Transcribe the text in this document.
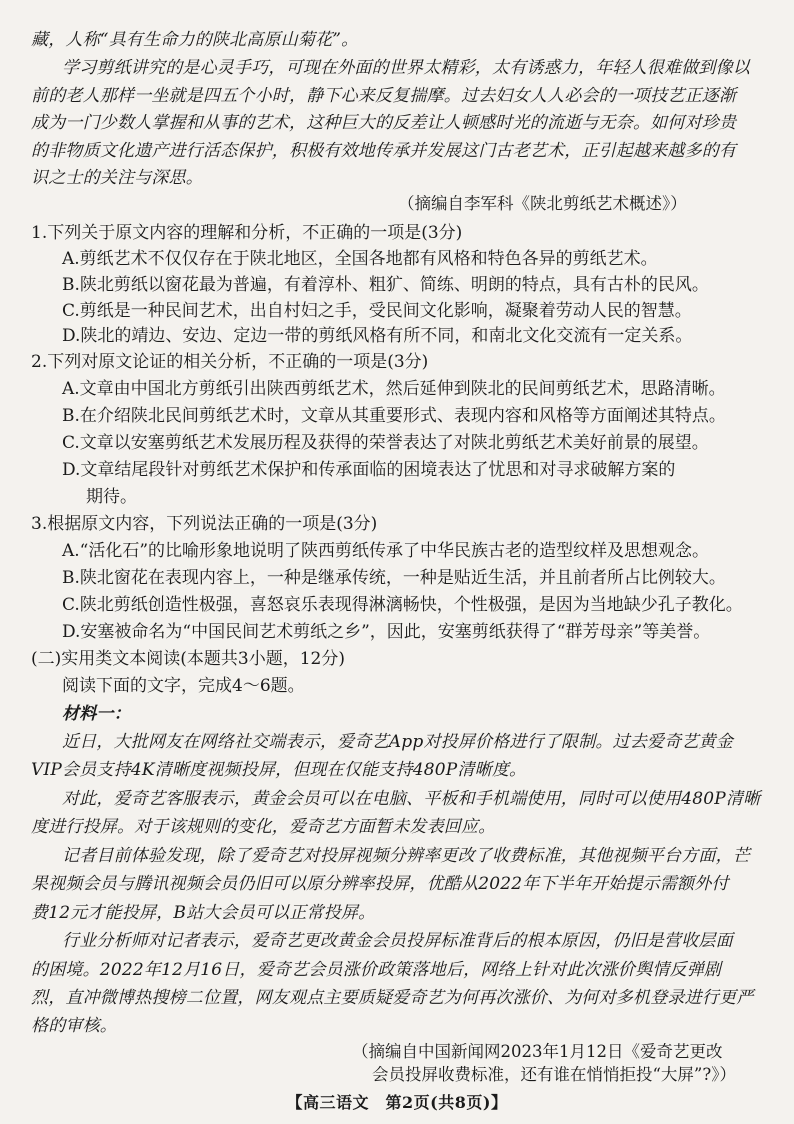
藏，人称“具有生命力的陕北高原山菊花”。
学习剪纸讲究的是心灵手巧，可现在外面的世界太精彩，太有诱惑力，年轻人很难做到像以
前的老人那样一坐就是四五个小时，静下心来反复揣摩。过去妇女人人必会的一项技艺正逐渐
成为一门少数人掌握和从事的艺术，这种巨大的反差让人顿感时光的流逝与无奈。如何对珍贵
的非物质文化遗产进行活态保护，积极有效地传承并发展这门古老艺术，正引起越来越多的有
识之士的关注与深思。
（摘编自李军科《陕北剪纸艺术概述》）
1.下列关于原文内容的理解和分析，不正确的一项是(3分)
A.剪纸艺术不仅仅存在于陕北地区，全国各地都有风格和特色各异的剪纸艺术。
B.陕北剪纸以窗花最为普遍，有着淳朴、粗犷、简练、明朗的特点，具有古朴的民风。
C.剪纸是一种民间艺术，出自村妇之手，受民间文化影响，凝聚着劳动人民的智慧。
D.陕北的靖边、安边、定边一带的剪纸风格有所不同，和南北文化交流有一定关系。
2.下列对原文论证的相关分析，不正确的一项是(3分)
A.文章由中国北方剪纸引出陕西剪纸艺术，然后延伸到陕北的民间剪纸艺术，思路清晰。
B.在介绍陕北民间剪纸艺术时，文章从其重要形式、表现内容和风格等方面阐述其特点。
C.文章以安塞剪纸艺术发展历程及获得的荣誉表达了对陕北剪纸艺术美好前景的展望。
D.文章结尾段针对剪纸艺术保护和传承面临的困境表达了忧思和对寻求破解方案的
期待。
3.根据原文内容，下列说法正确的一项是(3分)
A.“活化石”的比喻形象地说明了陕西剪纸传承了中华民族古老的造型纹样及思想观念。
B.陕北窗花在表现内容上，一种是继承传统，一种是贴近生活，并且前者所占比例较大。
C.陕北剪纸创造性极强，喜怒哀乐表现得淋漓畅快，个性极强，是因为当地缺少孔子教化。
D.安塞被命名为“中国民间艺术剪纸之乡”，因此，安塞剪纸获得了“群芳母亲”等美誉。
(二)实用类文本阅读(本题共3小题，12分)
阅读下面的文字，完成4～6题。
材料一：
近日，大批网友在网络社交端表示，爱奇艺App对投屏价格进行了限制。过去爱奇艺黄金
VIP会员支持4K清晰度视频投屏，但现在仅能支持480P清晰度。
对此，爱奇艺客服表示，黄金会员可以在电脑、平板和手机端使用，同时可以使用480P清晰
度进行投屏。对于该规则的变化，爱奇艺方面暂未发表回应。
记者目前体验发现，除了爱奇艺对投屏视频分辨率更改了收费标准，其他视频平台方面，芒
果视频会员与腾讯视频会员仍旧可以原分辨率投屏，优酷从2022年下半年开始提示需额外付
费12元才能投屏，B站大会员可以正常投屏。
行业分析师对记者表示，爱奇艺更改黄金会员投屏标准背后的根本原因，仍旧是营收层面
的困境。2022年12月16日，爱奇艺会员涨价政策落地后，网络上针对此次涨价舆情反弹剧
烈，直冲微博热搜榜二位置，网友观点主要质疑爱奇艺为何再次涨价、为何对多机登录进行更严
格的审核。
（摘编自中国新闻网2023年1月12日《爱奇艺更改
会员投屏收费标准，还有谁在悄悄拒投“大屏”?》）
【高三语文　第2页(共8页)】
